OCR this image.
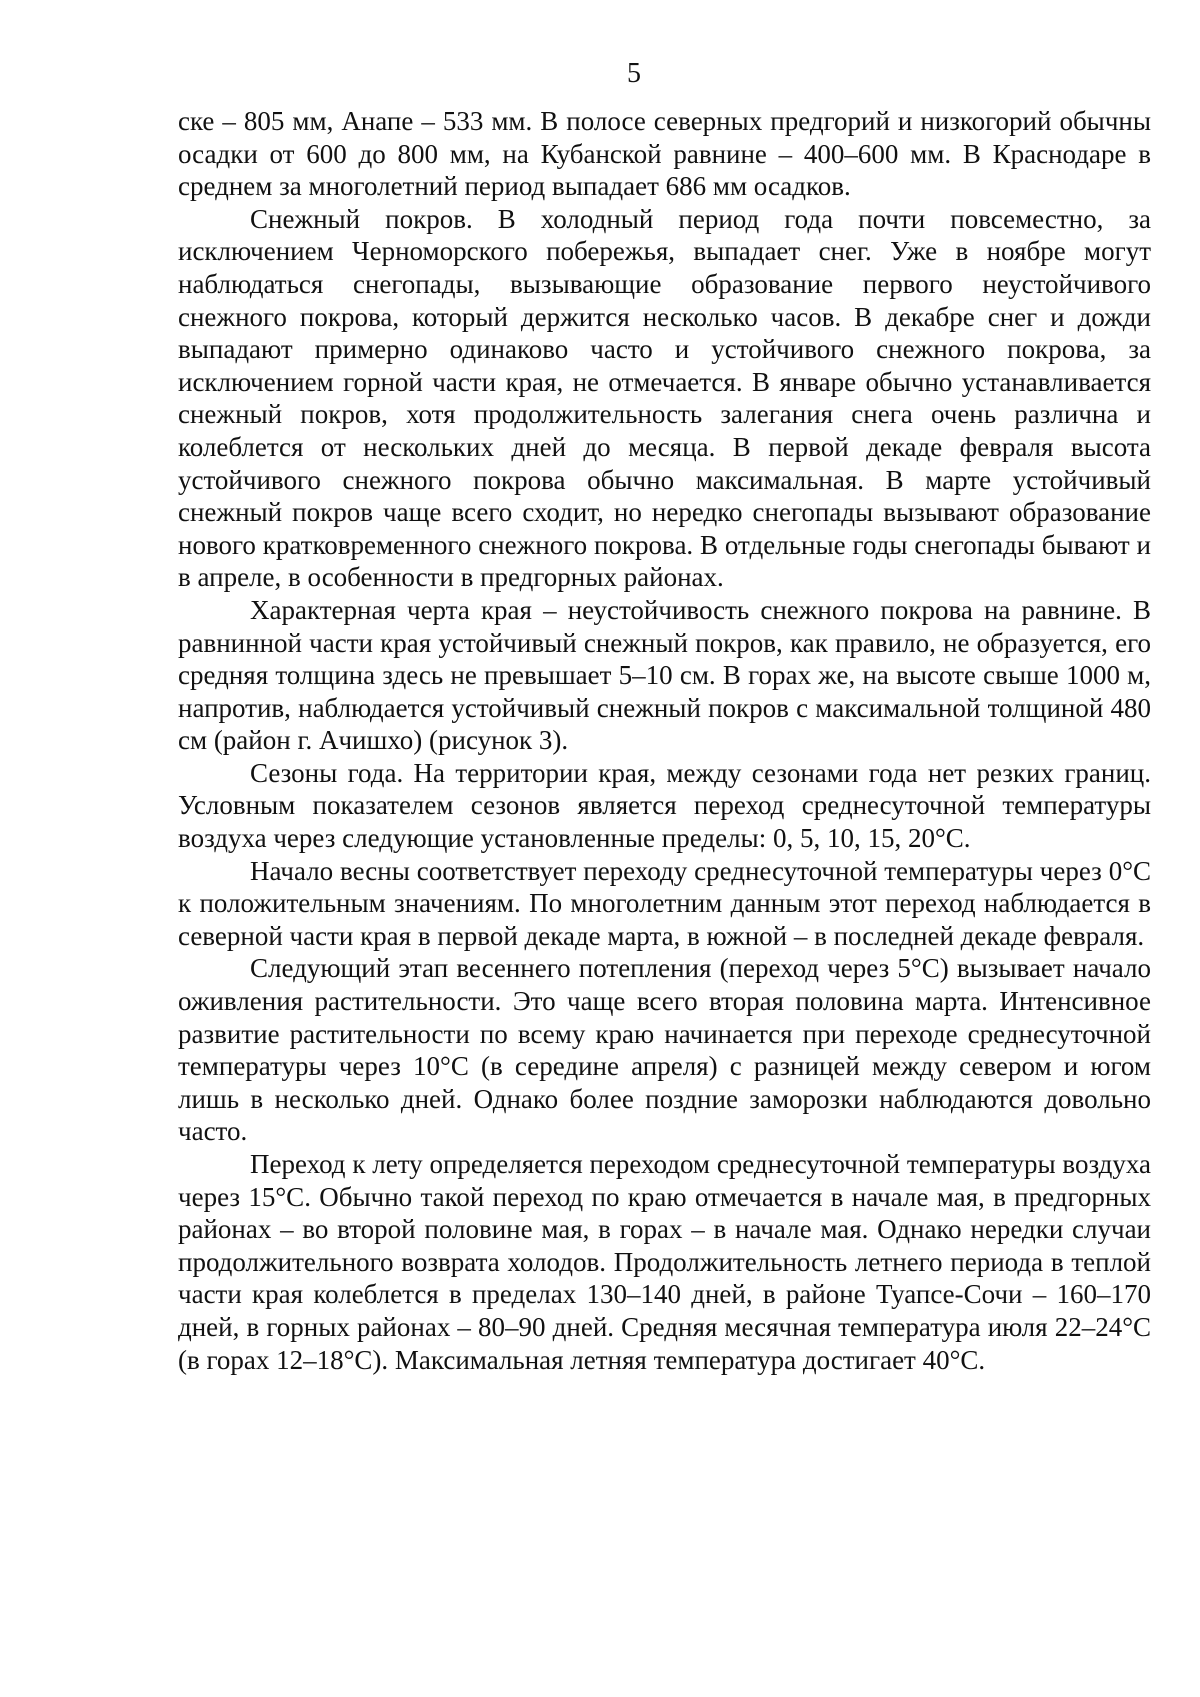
5

ске – 805 мм, Анапе – 533 мм. В полосе северных предгорий и низкогорий обычны осадки от 600 до 800 мм, на Кубанской равнине – 400–600 мм. В Краснодаре в среднем за многолетний период выпадает 686 мм осадков.

Снежный покров. В холодный период года почти повсеместно, за исключением Черноморского побережья, выпадает снег. Уже в ноябре могут наблюдаться снегопады, вызывающие образование первого неустойчивого снежного покрова, который держится несколько часов. В декабре снег и дожди выпадают примерно одинаково часто и устойчивого снежного покрова, за исключением горной части края, не отмечается. В январе обычно устанавливается снежный покров, хотя продолжительность залегания снега очень различна и колеблется от нескольких дней до месяца. В первой декаде февраля высота устойчивого снежного покрова обычно максимальная. В марте устойчивый снежный покров чаще всего сходит, но нередко снегопады вызывают образование нового кратковременного снежного покрова. В отдельные годы снегопады бывают и в апреле, в особенности в предгорных районах.

Характерная черта края – неустойчивость снежного покрова на равнине. В равнинной части края устойчивый снежный покров, как правило, не образуется, его средняя толщина здесь не превышает 5–10 см. В горах же, на высоте свыше 1000 м, напротив, наблюдается устойчивый снежный покров с максимальной толщиной 480 см (район г. Ачишхо) (рисунок 3).

Сезоны года. На территории края, между сезонами года нет резких границ. Условным показателем сезонов является переход среднесуточной температуры воздуха через следующие установленные пределы: 0, 5, 10, 15, 20°C.

Начало весны соответствует переходу среднесуточной температуры через 0°C к положительным значениям. По многолетним данным этот переход наблюдается в северной части края в первой декаде марта, в южной – в последней декаде февраля.

Следующий этап весеннего потепления (переход через 5°C) вызывает начало оживления растительности. Это чаще всего вторая половина марта. Интенсивное развитие растительности по всему краю начинается при переходе среднесуточной температуры через 10°C (в середине апреля) с разницей между севером и югом лишь в несколько дней. Однако более поздние заморозки наблюдаются довольно часто.

Переход к лету определяется переходом среднесуточной температуры воздуха через 15°C. Обычно такой переход по краю отмечается в начале мая, в предгорных районах – во второй половине мая, в горах – в начале мая. Однако нередки случаи продолжительного возврата холодов. Продолжительность летнего периода в теплой части края колеблется в пределах 130–140 дней, в районе Туапсе-Сочи – 160–170 дней, в горных районах – 80–90 дней. Средняя месячная температура июля 22–24°C (в горах 12–18°C). Максимальная летняя температура достигает 40°C.
